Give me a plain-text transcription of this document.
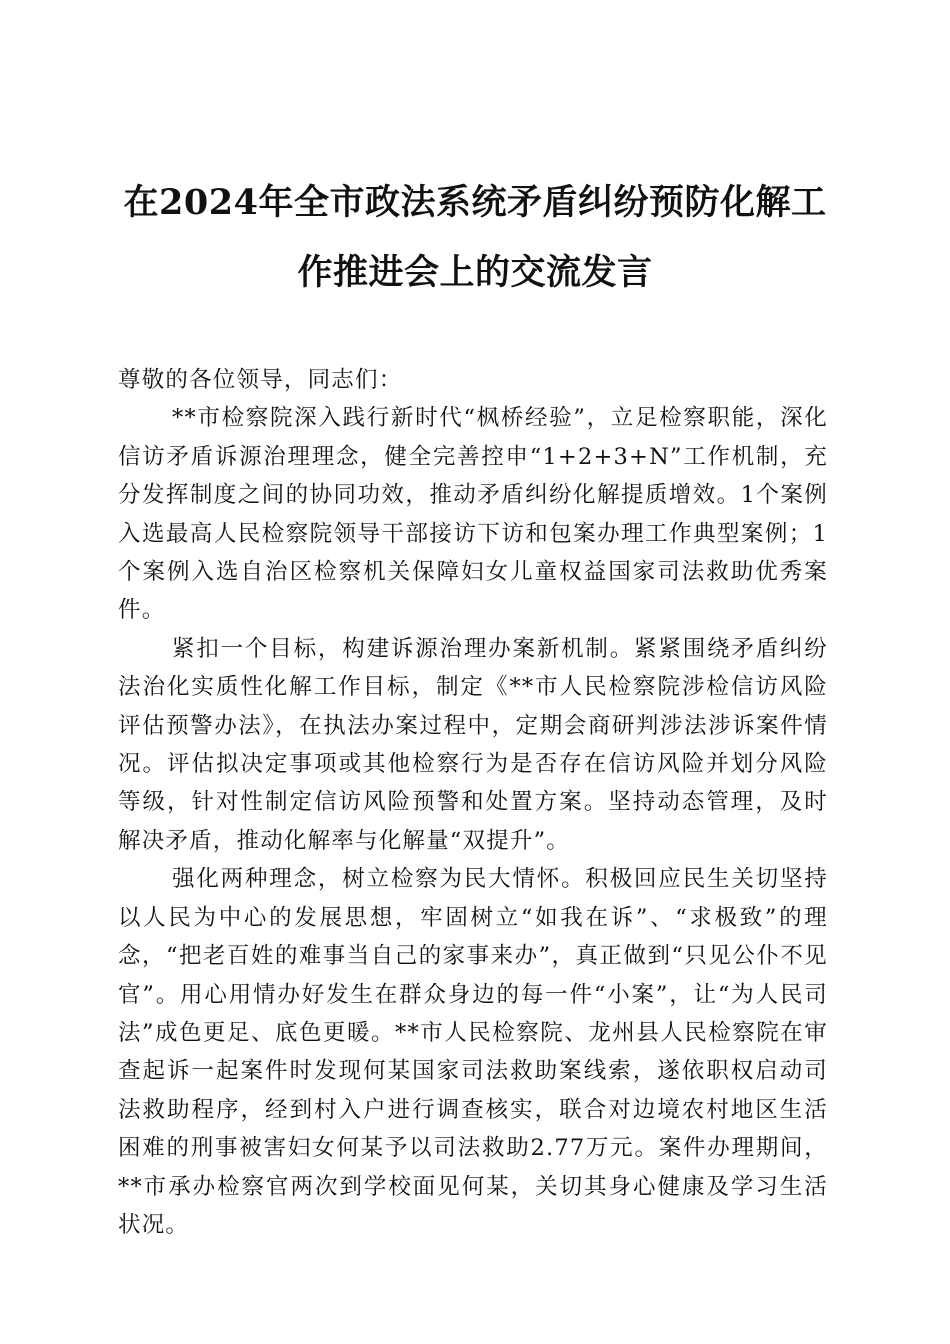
在2024年全市政法系统矛盾纠纷预防化解工
作推进会上的交流发言

尊敬的各位领导，同志们：

**市检察院深入践行新时代“枫桥经验”，立足检察职能，深化信访矛盾诉源治理理念，健全完善控申“1+2+3+N”工作机制，充分发挥制度之间的协同功效，推动矛盾纠纷化解提质增效。1个案例入选最高人民检察院领导干部接访下访和包案办理工作典型案例；1个案例入选自治区检察机关保障妇女儿童权益国家司法救助优秀案件。

紧扣一个目标，构建诉源治理办案新机制。紧紧围绕矛盾纠纷法治化实质性化解工作目标，制定《**市人民检察院涉检信访风险评估预警办法》，在执法办案过程中，定期会商研判涉法涉诉案件情况。评估拟决定事项或其他检察行为是否存在信访风险并划分风险等级，针对性制定信访风险预警和处置方案。坚持动态管理，及时解决矛盾，推动化解率与化解量“双提升”。

强化两种理念，树立检察为民大情怀。积极回应民生关切坚持以人民为中心的发展思想，牢固树立“如我在诉”、“求极致”的理念，“把老百姓的难事当自己的家事来办”，真正做到“只见公仆不见官”。用心用情办好发生在群众身边的每一件“小案”，让“为人民司法”成色更足、底色更暖。**市人民检察院、龙州县人民检察院在审查起诉一起案件时发现何某国家司法救助案线索，遂依职权启动司法救助程序，经到村入户进行调查核实，联合对边境农村地区生活困难的刑事被害妇女何某予以司法救助2.77万元。案件办理期间，**市承办检察官两次到学校面见何某，关切其身心健康及学习生活状况。
